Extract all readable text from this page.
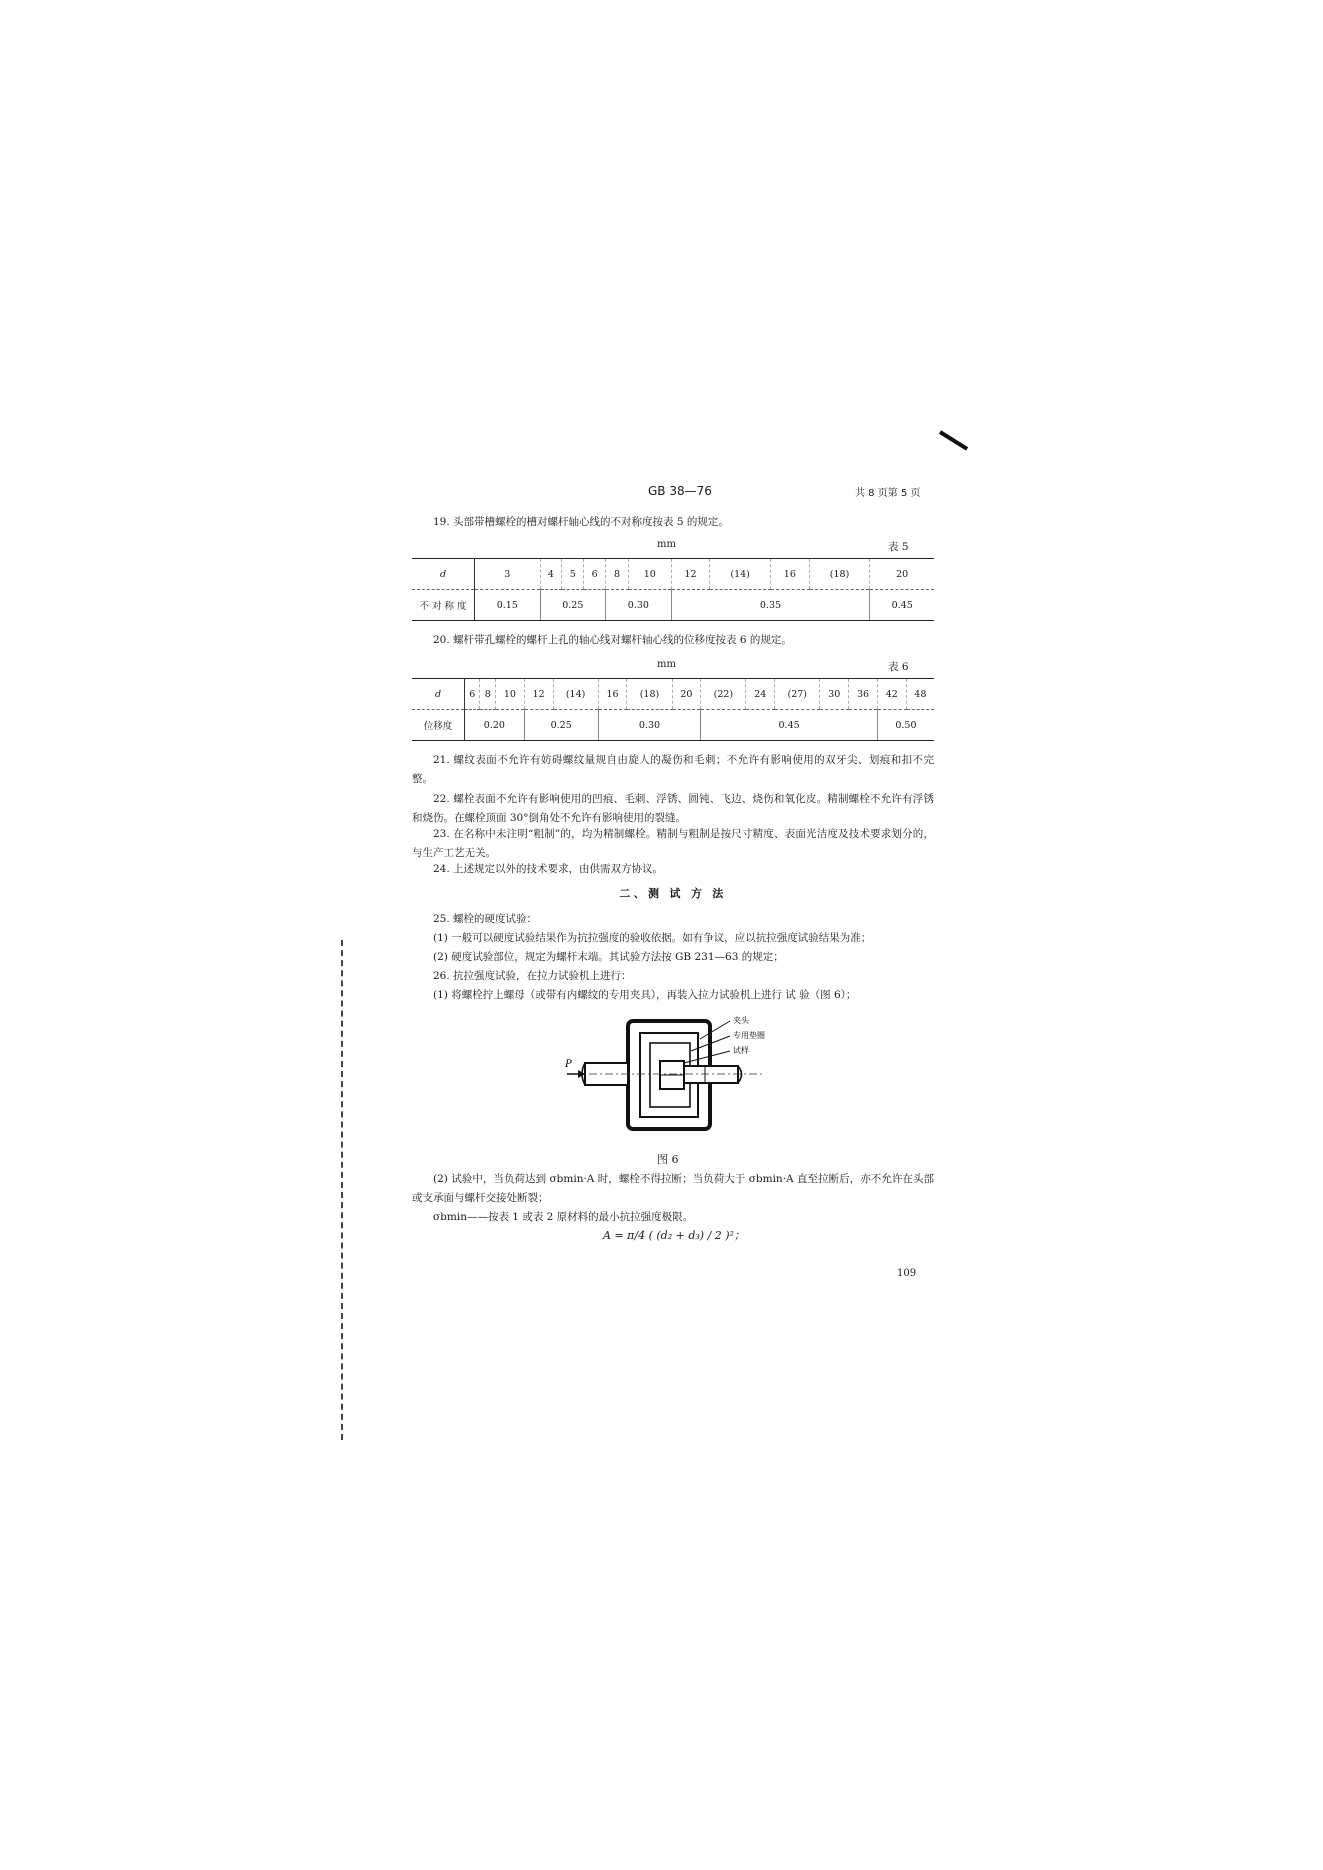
GB 38—76	共 8 页第 5 页
19. 头部带槽螺栓的槽对螺杆轴心线的不对称度按表 5 的规定。
mm	表 5
d	3	4	5	6	8	10	12	(14)	16	(18)	20
不 对 称 度	0.15	0.25			0.30		0.35				0.45
20. 螺杆带孔螺栓的螺杆上孔的轴心线对螺杆轴心线的位移度按表 6 的规定。
mm	表 6
d	6	8	10	12	(14)	16	(18)	20	(22)	24	(27)	30	36	42	48
位移度	0.20			0.25		0.30			0.45					0.50	
21. 螺纹表面不允许有妨碍螺纹量规自由旋人的凝伤和毛刺；不允许有影响使用的双牙尖、划痕和扣不完整。
22. 螺栓表面不允许有影响使用的凹痕、毛刺、浮锈、圆钝、飞边、烧伤和氧化皮。精制螺栓不允许有浮锈和烧伤。在螺栓顶面 30°倒角处不允许有影响使用的裂缝。
23. 在名称中未注明“粗制”的，均为精制螺栓。精制与粗制是按尺寸精度、表面光洁度及技术要求划分的，与生产工艺无关。
24. 上述规定以外的技术要求，由供需双方协议。
二、测 试 方 法
25. 螺栓的硬度试验：
(1) 一般可以硬度试验结果作为抗拉强度的验收依据。如有争议，应以抗拉强度试验结果为准；
(2) 硬度试验部位，规定为螺杆末端。其试验方法按 GB 231—63 的规定；
26. 抗拉强度试验，在拉力试验机上进行：
(1) 将螺栓拧上螺母（或带有内螺纹的专用夹具），再装入拉力试验机上进行 试 验（图 6）；
夹头
专用垫圈
试样
P
图 6
(2) 试验中，当负荷达到 σbmin·A 时，螺栓不得拉断；当负荷大于 σbmin·A 直至拉断后，亦不允许在头部或支承面与螺杆交接处断裂；
σbmin——按表 1 或表 2 原材料的最小抗拉强度极限。
A = π/4 ( (d₂ + d₃) / 2 )²；
109
